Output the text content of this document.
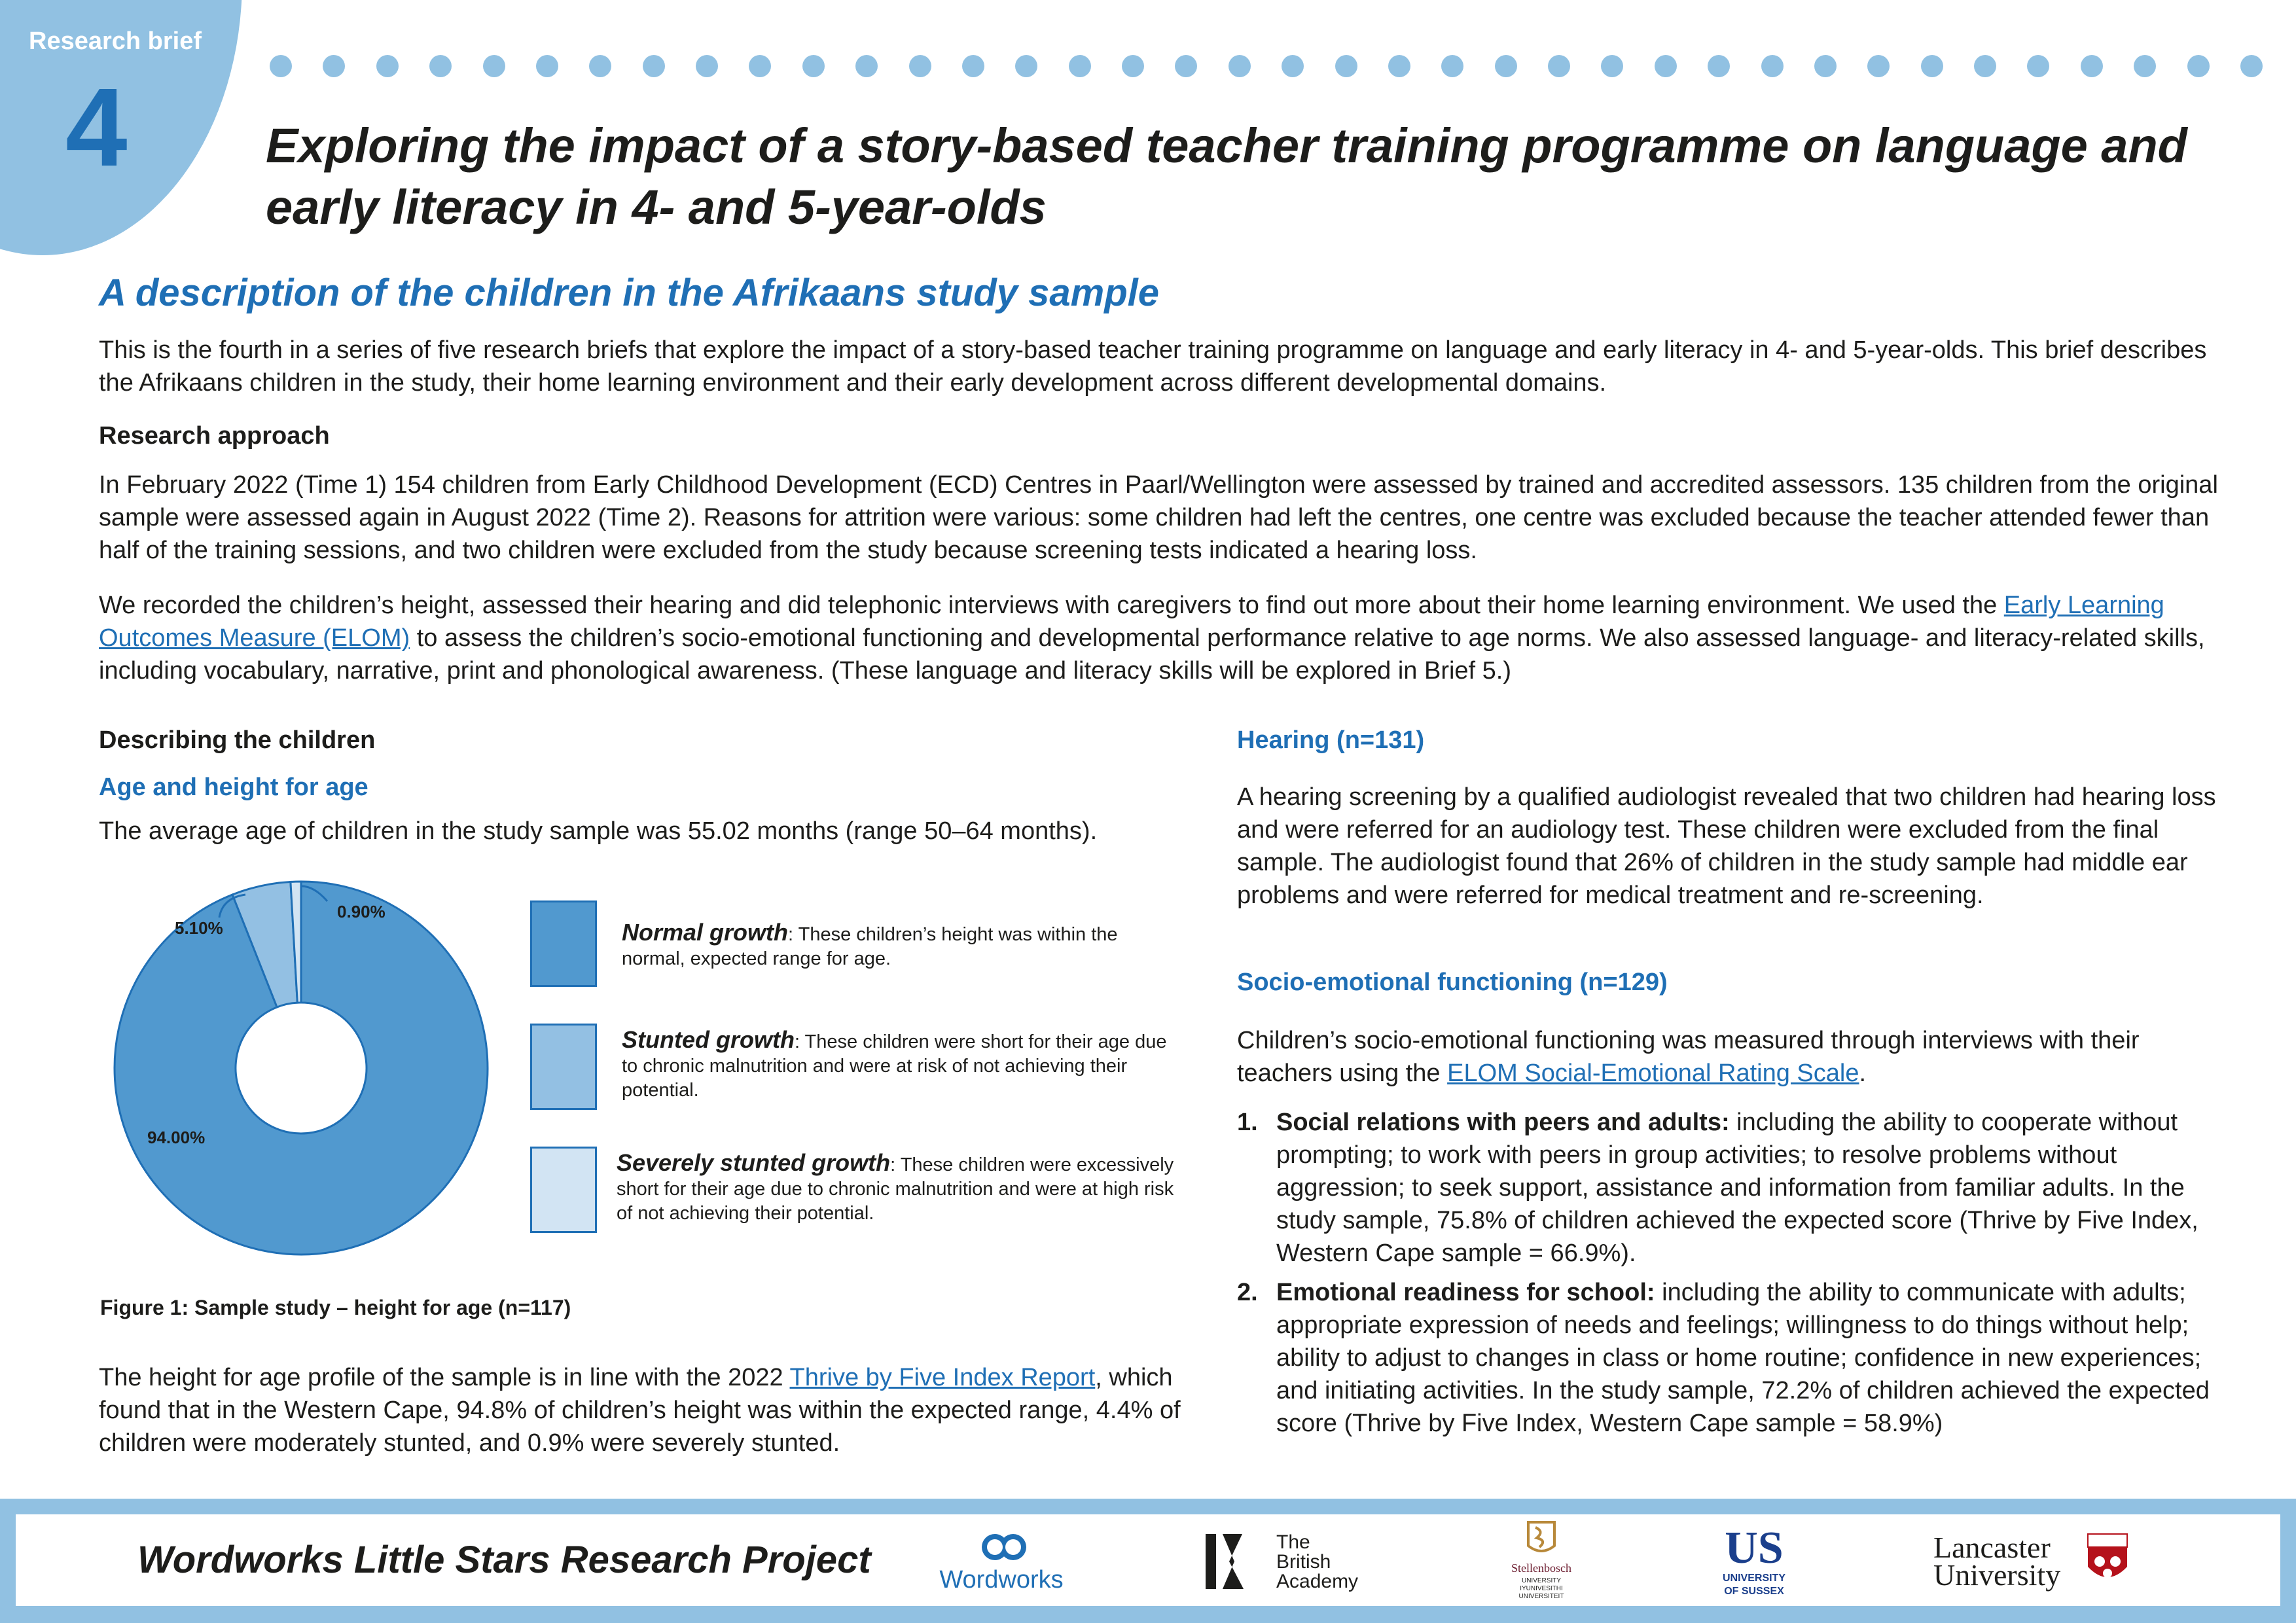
Research brief
4	Exploring the impact of a story-based teacher training programme on language and
early literacy in 4- and 5-year-olds
A description of the children in the Afrikaans study sample
This is the fourth in a series of five research briefs that explore the impact of a story-based teacher training programme on language and early literacy in 4- and 5-year-olds. This brief describes the Afrikaans children in the study, their home learning environment and their early development across different developmental domains.
Research approach
In February 2022 (Time 1) 154 children from Early Childhood Development (ECD) Centres in Paarl/Wellington were assessed by trained and accredited assessors. 135 children from the original sample were assessed again in August 2022 (Time 2). Reasons for attrition were various: some children had left the centres, one centre was excluded because the teacher attended fewer than half of the training sessions, and two children were excluded from the study because screening tests indicated a hearing loss.
We recorded the children’s height, assessed their hearing and did telephonic interviews with caregivers to find out more about their home learning environment. We used the Early Learning Outcomes Measure (ELOM) to assess the children’s socio-emotional functioning and developmental performance relative to age norms. We also assessed language- and literacy-related skills, including vocabulary, narrative, print and phonological awareness. (These language and literacy skills will be explored in Brief 5.)
Describing the children
Age and height for age
The average age of children in the study sample was 55.02 months (range 50–64 months).
94.00%
5.10%
0.90%
Normal growth: These children’s height was within the normal, expected range for age.
Stunted growth: These children were short for their age due to chronic malnutrition and were at risk of not achieving their potential.
Severely stunted growth: These children were excessively short for their age due to chronic malnutrition and were at high risk of not achieving their potential.
Figure 1: Sample study – height for age (n=117)
The height for age profile of the sample is in line with the 2022 Thrive by Five Index Report, which found that in the Western Cape, 94.8% of children’s height was within the expected range, 4.4% of children were moderately stunted, and 0.9% were severely stunted.
Hearing (n=131)
A hearing screening by a qualified audiologist revealed that two children had hearing loss and were referred for an audiology test. These children were excluded from the final sample. The audiologist found that 26% of children in the study sample had middle ear problems and were referred for medical treatment and re-screening.
Socio-emotional functioning (n=129)
Children’s socio-emotional functioning was measured through interviews with their teachers using the ELOM Social-Emotional Rating Scale.
1. Social relations with peers and adults: including the ability to cooperate without prompting; to work with peers in group activities; to resolve problems without aggression; to seek support, assistance and information from familiar adults. In the study sample, 75.8% of children achieved the expected score (Thrive by Five Index, Western Cape sample = 66.9%).
2. Emotional readiness for school: including the ability to communicate with adults; appropriate expression of needs and feelings; willingness to do things without help; ability to adjust to changes in class or home routine; confidence in new experiences; and initiating activities. In the study sample, 72.2% of children achieved the expected score (Thrive by Five Index, Western Cape sample = 58.9%)
Wordworks Little Stars Research Project	Wordworks
The
British
Academy
Stellenbosch
UNIVERSITY
IYUNIVESITHI
UNIVERSITEIT
US
UNIVERSITY
OF SUSSEX
Lancaster
University
